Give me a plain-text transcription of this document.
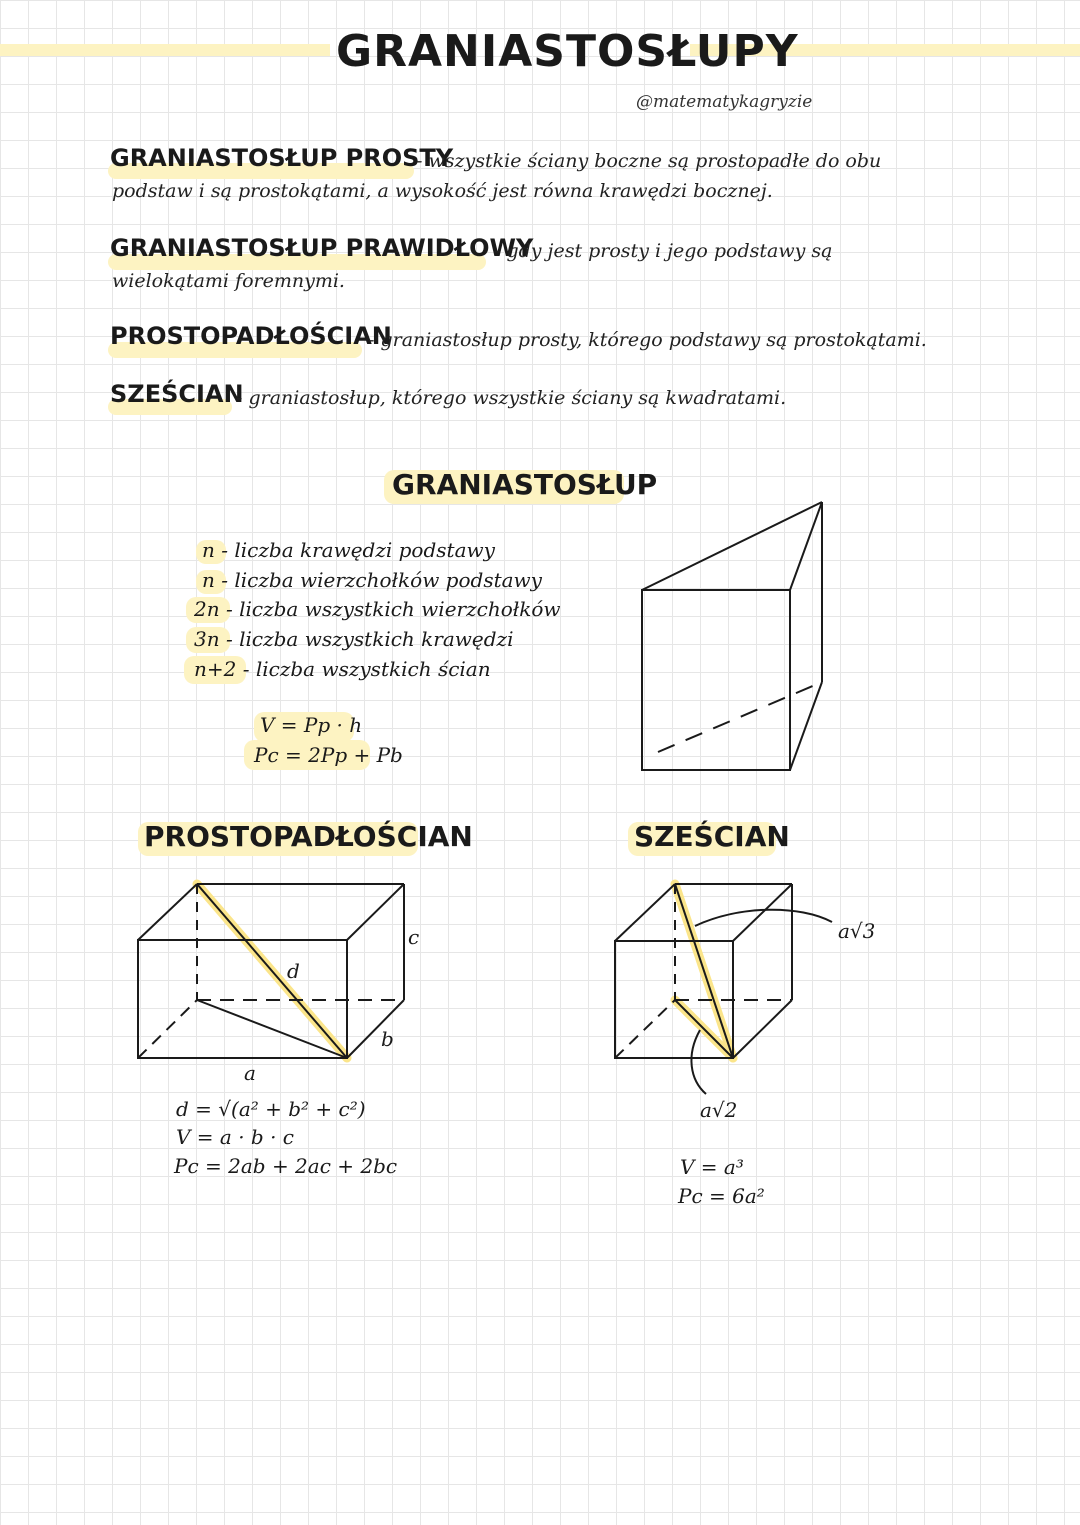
GRANIASTOSŁUPY
@matematykagryzie
GRANIASTOSŁUP PROSTY
- wszystkie ściany boczne są prostopadłe do obu
podstaw i są prostokątami, a wysokość jest równa krawędzi bocznej.
GRANIASTOSŁUP PRAWIDŁOWY
- gdy jest prosty i jego podstawy są
wielokątami foremnymi.
PROSTOPADŁOŚCIAN
- graniastosłup prosty, którego podstawy są prostokątami.
SZEŚCIAN
- graniastosłup, którego wszystkie ściany są kwadratami.
GRANIASTOSŁUP
n - liczba krawędzi podstawy
n - liczba wierzchołków podstawy
2n - liczba wszystkich wierzchołków
3n - liczba wszystkich krawędzi
n+2 - liczba wszystkich ścian
V = Pp · h
Pc = 2Pp + Pb
PROSTOPADŁOŚCIAN
d
c
b
a
d = √(a² + b² + c²)
V = a · b · c
Pc = 2ab + 2ac + 2bc
SZEŚCIAN
a√3
a√2
V = a³
Pc = 6a²
